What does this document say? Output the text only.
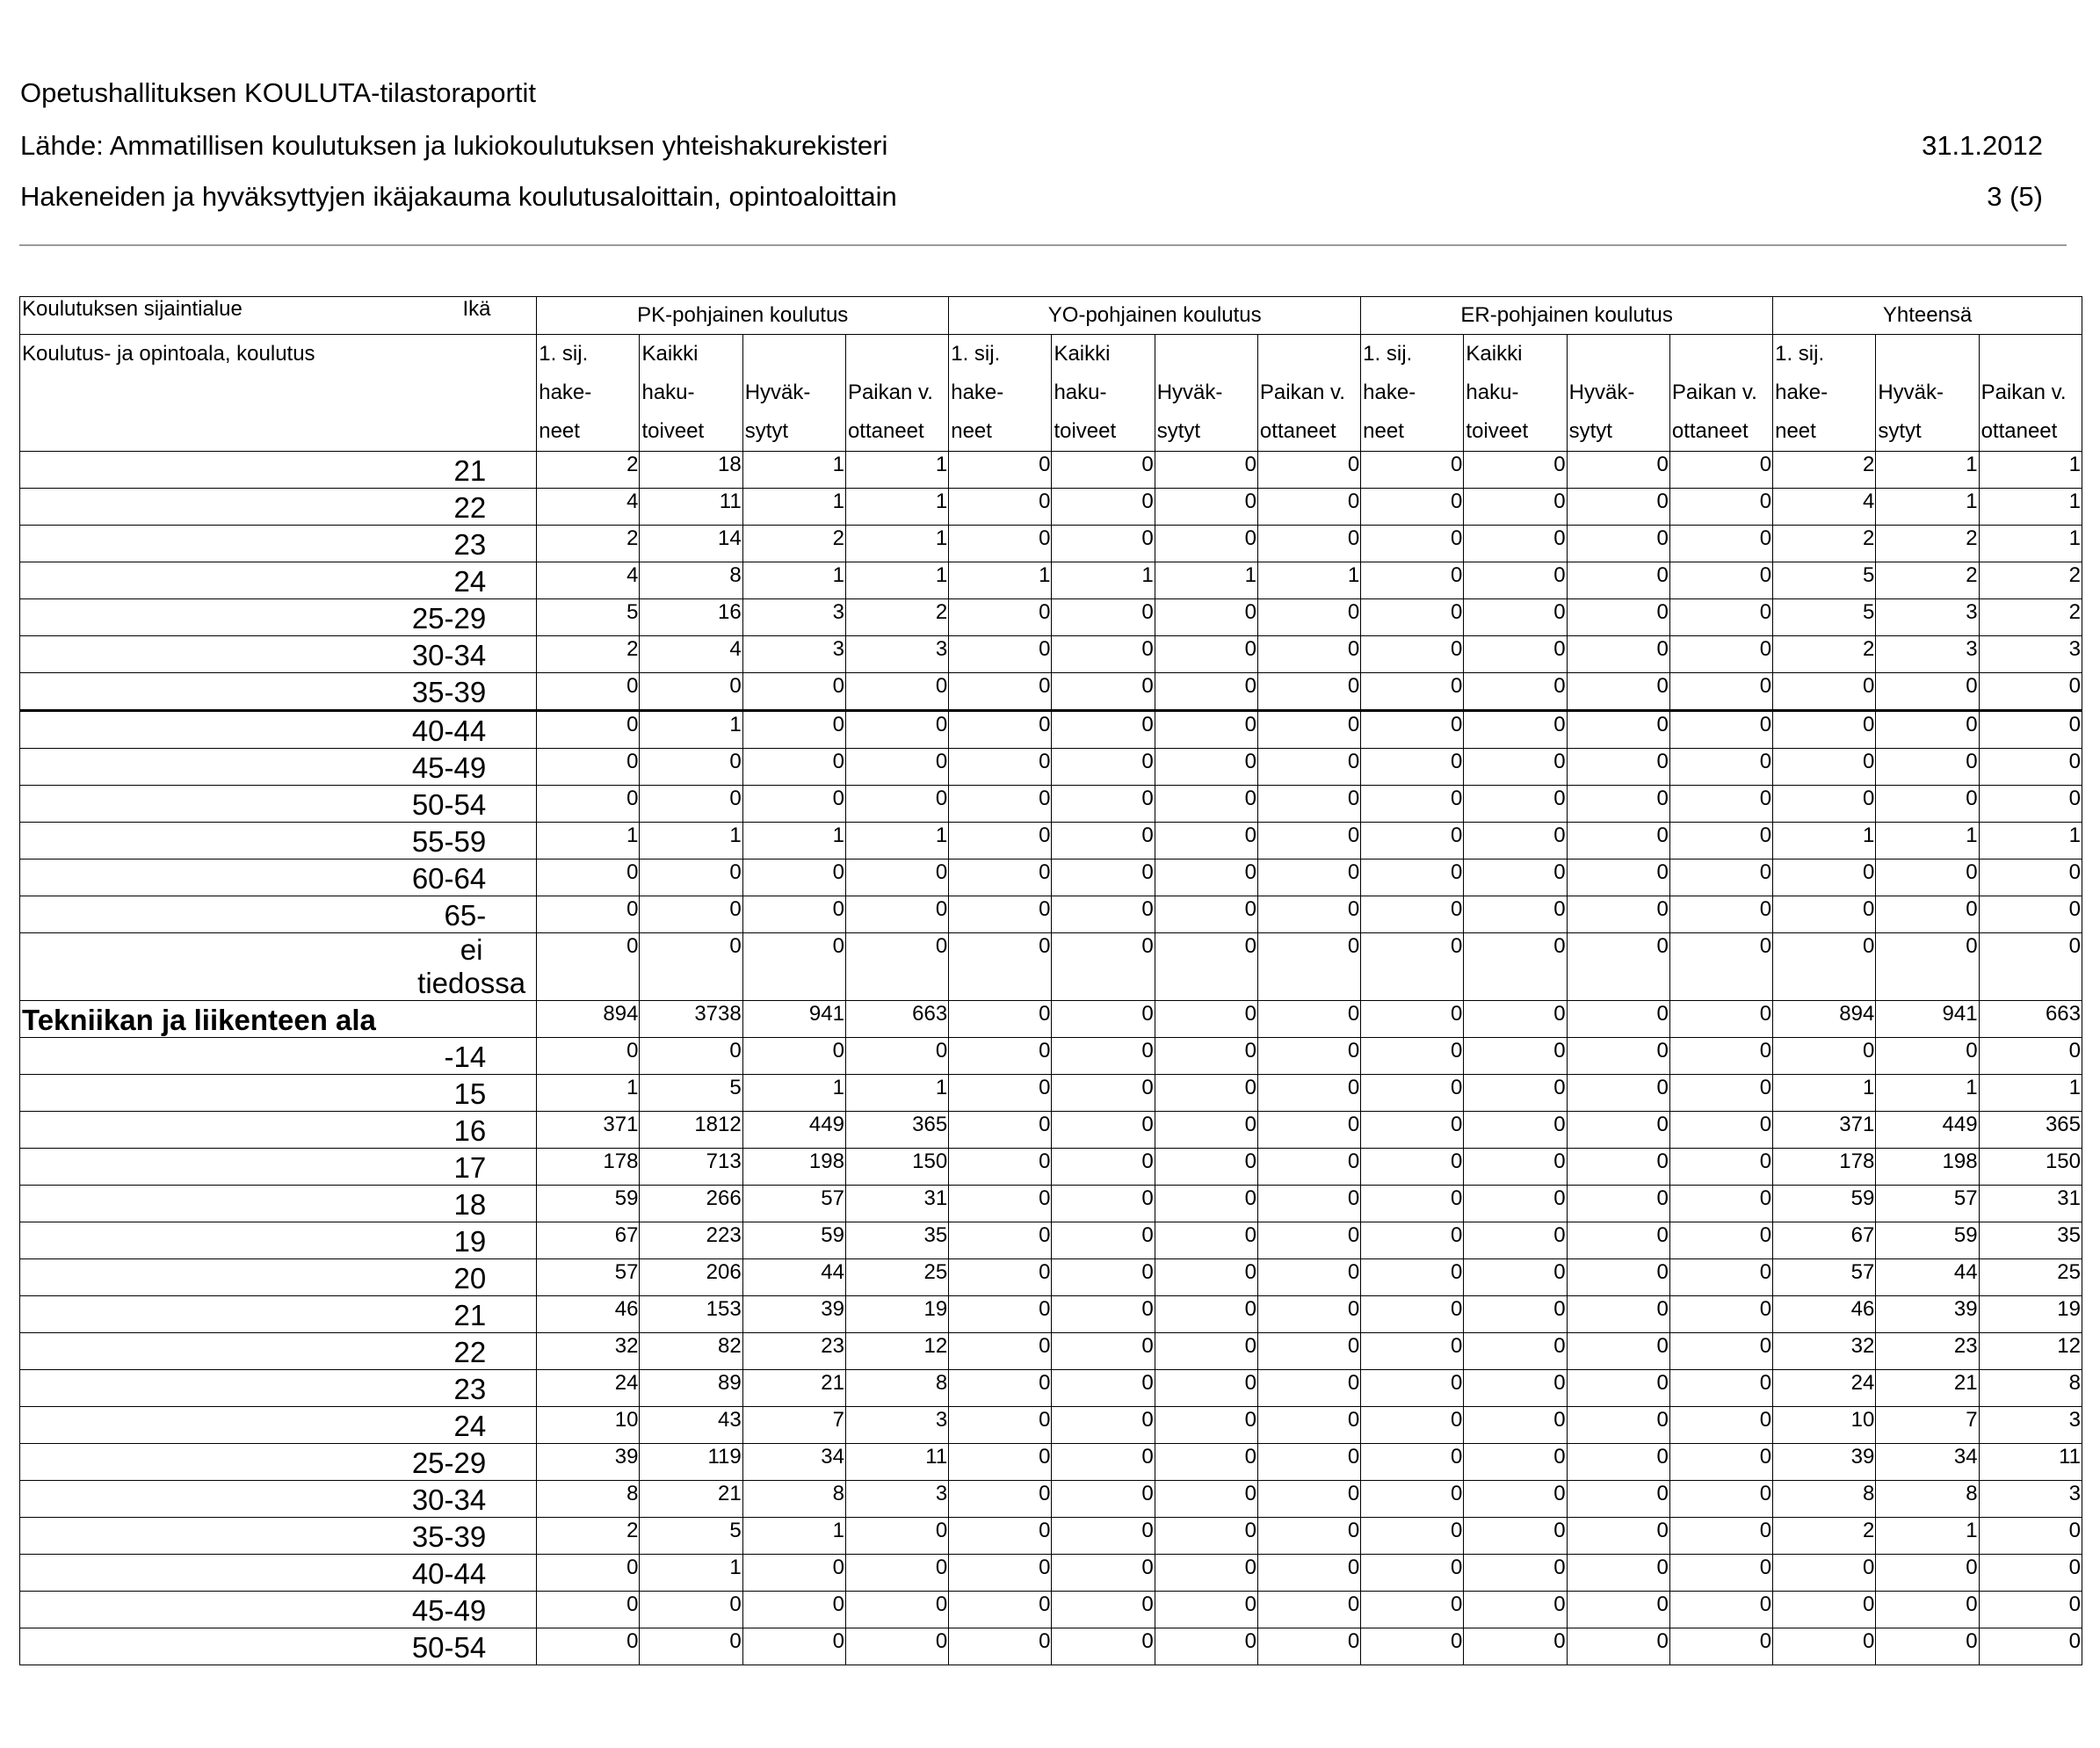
Opetushallituksen KOULUTA-tilastoraportit
Lähde: Ammatillisen koulutuksen ja lukiokoulutuksen yhteishakurekisteri	31.1.2012
Hakeneiden ja hyväksyttyjen ikäjakauma koulutusaloittain, opintoaloittain	3 (5)
Koulutuksen sijaintialue Ikä	PK-pohjainen koulutus				YO-pohjainen koulutus				ER-pohjainen koulutus				Yhteensä		

Koulutus- ja opintoala, koulutus	1. sij.
hake-
neet	Kaikki
haku-
toiveet	Hyväk-
sytyt	Paikan v.
ottaneet	1. sij.
hake-
neet	Kaikki
haku-
toiveet	Hyväk-
sytyt	Paikan v.
ottaneet	1. sij.
hake-
neet	Kaikki
haku-
toiveet	Hyväk-
sytyt	Paikan v.
ottaneet	1. sij.
hake-
neet	Hyväk-
sytyt	Paikan v.
ottaneet

21	2	18	1	1	0	0	0	0	0	0	0	0	2	1	1
22	4	11	1	1	0	0	0	0	0	0	0	0	4	1	1
23	2	14	2	1	0	0	0	0	0	0	0	0	2	2	1
24	4	8	1	1	1	1	1	1	0	0	0	0	5	2	2
25-29	5	16	3	2	0	0	0	0	0	0	0	0	5	3	2
30-34	2	4	3	3	0	0	0	0	0	0	0	0	2	3	3
35-39	0	0	0	0	0	0	0	0	0	0	0	0	0	0	0
40-44	0	1	0	0	0	0	0	0	0	0	0	0	0	0	0
45-49	0	0	0	0	0	0	0	0	0	0	0	0	0	0	0
50-54	0	0	0	0	0	0	0	0	0	0	0	0	0	0	0
55-59	1	1	1	1	0	0	0	0	0	0	0	0	1	1	1
60-64	0	0	0	0	0	0	0	0	0	0	0	0	0	0	0
65-	0	0	0	0	0	0	0	0	0	0	0	0	0	0	0
ei tiedossa	0	0	0	0	0	0	0	0	0	0	0	0	0	0	0
Tekniikan ja liikenteen ala	894	3738	941	663	0	0	0	0	0	0	0	0	894	941	663
-14	0	0	0	0	0	0	0	0	0	0	0	0	0	0	0
15	1	5	1	1	0	0	0	0	0	0	0	0	1	1	1
16	371	1812	449	365	0	0	0	0	0	0	0	0	371	449	365
17	178	713	198	150	0	0	0	0	0	0	0	0	178	198	150
18	59	266	57	31	0	0	0	0	0	0	0	0	59	57	31
19	67	223	59	35	0	0	0	0	0	0	0	0	67	59	35
20	57	206	44	25	0	0	0	0	0	0	0	0	57	44	25
21	46	153	39	19	0	0	0	0	0	0	0	0	46	39	19
22	32	82	23	12	0	0	0	0	0	0	0	0	32	23	12
23	24	89	21	8	0	0	0	0	0	0	0	0	24	21	8
24	10	43	7	3	0	0	0	0	0	0	0	0	10	7	3
25-29	39	119	34	11	0	0	0	0	0	0	0	0	39	34	11
30-34	8	21	8	3	0	0	0	0	0	0	0	0	8	8	3
35-39	2	5	1	0	0	0	0	0	0	0	0	0	2	1	0
40-44	0	1	0	0	0	0	0	0	0	0	0	0	0	0	0
45-49	0	0	0	0	0	0	0	0	0	0	0	0	0	0	0
50-54	0	0	0	0	0	0	0	0	0	0	0	0	0	0	0
